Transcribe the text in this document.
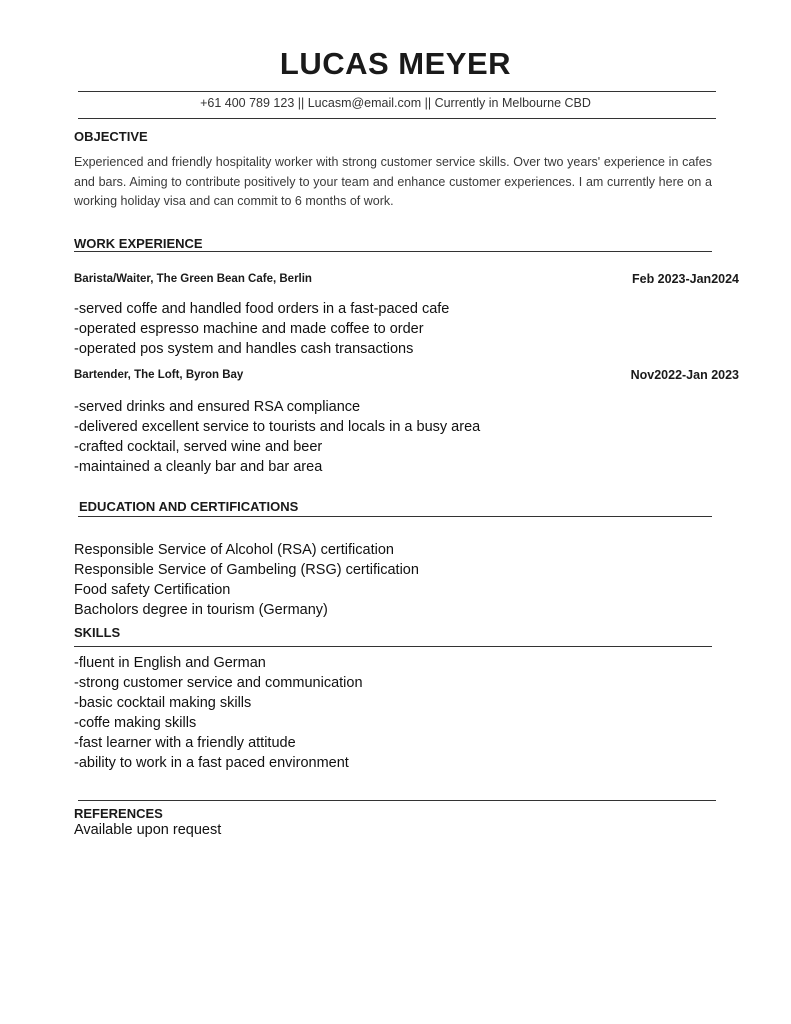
LUCAS MEYER
+61 400 789 123 || Lucasm@email.com || Currently in Melbourne CBD
OBJECTIVE
Experienced and friendly hospitality worker with strong customer service skills. Over two years' experience in cafes and bars. Aiming to contribute positively to your team and enhance customer experiences. I am currently here on a working holiday visa and can commit to 6 months of work.
WORK EXPERIENCE
Barista/Waiter, The Green Bean Cafe, Berlin	Feb 2023-Jan2024
-served coffe and handled food orders in a fast-paced cafe
-operated espresso machine and made coffee to order
-operated pos system and handles cash transactions
Bartender, The Loft, Byron Bay	Nov2022-Jan 2023
-served drinks and ensured RSA compliance
-delivered excellent service to tourists and locals in a busy area
-crafted cocktail, served wine and beer
-maintained a cleanly bar and bar area
EDUCATION AND CERTIFICATIONS
Responsible Service of Alcohol (RSA) certification
Responsible Service of Gambeling (RSG) certification
Food safety Certification
Bacholors degree in tourism (Germany)
SKILLS
-fluent in English and German
-strong customer service and communication
-basic cocktail making skills
-coffe making skills
-fast learner with a friendly attitude
-ability to work in a fast paced environment
REFERENCES
Available upon request
